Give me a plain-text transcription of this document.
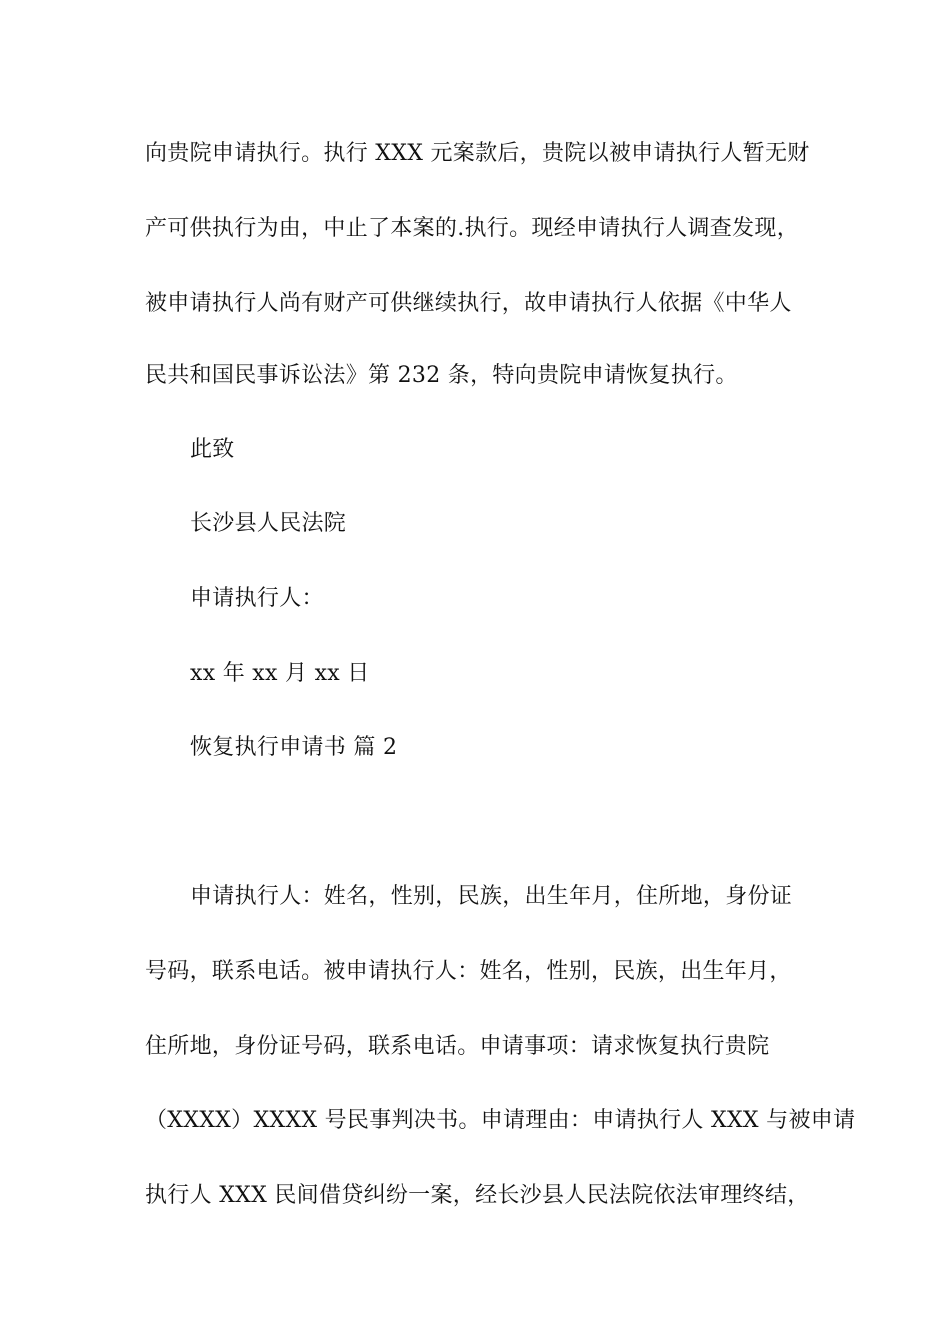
向贵院申请执行。执行 XXX 元案款后，贵院以被申请执行人暂无财
产可供执行为由，中止了本案的.执行。现经申请执行人调查发现，
被申请执行人尚有财产可供继续执行，故申请执行人依据《中华人
民共和国民事诉讼法》第 232 条，特向贵院申请恢复执行。
此致
长沙县人民法院
申请执行人：
xx 年 xx 月 xx 日
恢复执行申请书 篇 2
申请执行人：姓名，性别，民族，出生年月，住所地，身份证
号码，联系电话。被申请执行人：姓名，性别，民族，出生年月，
住所地，身份证号码，联系电话。申请事项：请求恢复执行贵院
（XXXX）XXXX 号民事判决书。申请理由：申请执行人 XXX 与被申请
执行人 XXX 民间借贷纠纷一案，经长沙县人民法院依法审理终结，
